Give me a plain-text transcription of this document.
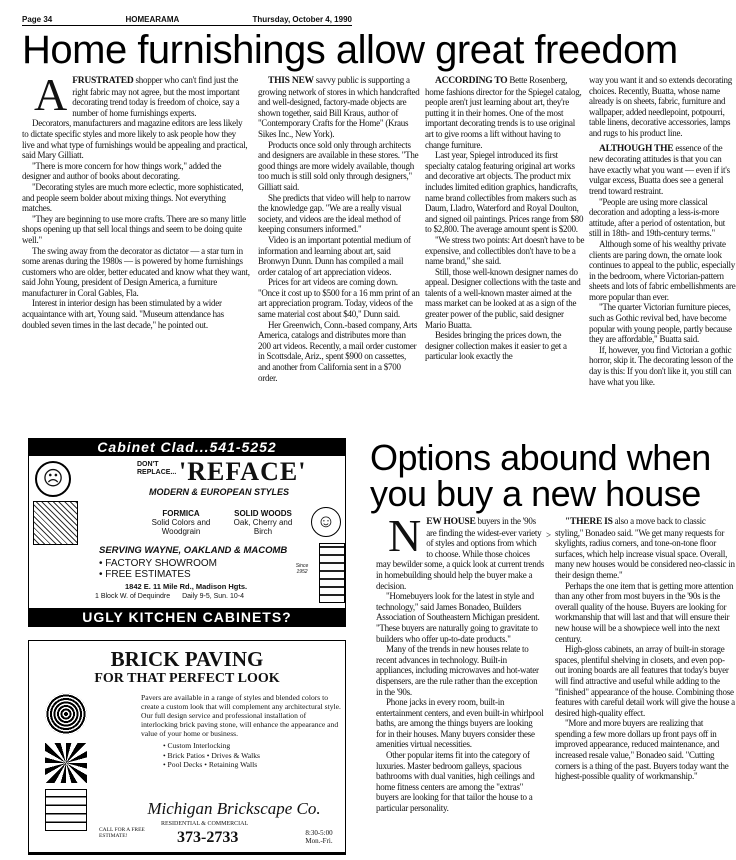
Page 34	HOMEARAMA	Thursday, October 4, 1990
Home furnishings allow great freedom

AFRUSTRATED shopper who can't find just the right fabric may not agree, but the most important decorating trend today is freedom of choice, say a number of home furnishings experts.

Decorators, manufacturers and magazine editors are less likely to dictate specific styles and more likely to ask people how they live and what type of furnishings would be appealing and practical, said Mary Gilliatt.

"There is more concern for how things work," added the designer and author of books about decorating.

"Decorating styles are much more eclectic, more sophisticated, and people seem bolder about mixing things. Not everything matches.

"They are beginning to use more crafts. There are so many little shops opening up that sell local things and seem to be doing quite well."

The swing away from the decorator as dictator — a star turn in some arenas during the 1980s — is powered by home furnishings customers who are older, better educated and know what they want, said John Young, president of Design America, a furniture manufacturer in Coral Gables, Fla.

Interest in interior design has been stimulated by a wider acquaintance with art, Young said. "Museum attendance has doubled seven times in the last decade," he pointed out.

THIS NEW savvy public is supporting a growing network of stores in which handcrafted and well-designed, factory-made objects are shown together, said Bill Kraus, author of "Contemporary Crafts for the Home" (Kraus Sikes Inc., New York).

Products once sold only through architects and designers are available in these stores. "The good things are more widely available, though too much is still sold only through designers," Gilliatt said.

She predicts that video will help to narrow the knowledge gap. "We are a really visual society, and videos are the ideal method of keeping consumers informed."

Video is an important potential medium of information and learning about art, said Bronwyn Dunn. Dunn has compiled a mail order catalog of art appreciation videos.

Prices for art videos are coming down. "Once it cost up to $500 for a 16 mm print of an art appreciation program. Today, videos of the same material cost about $40," Dunn said.

Her Greenwich, Conn.-based company, Arts America, catalogs and distributes more than 200 art videos. Recently, a mail order customer in Scottsdale, Ariz., spent $900 on cassettes, and another from California sent in a $700 order.

ACCORDING TO Bette Rosenberg, home fashions director for the Spiegel catalog, people aren't just learning about art, they're putting it in their homes. One of the most important decorating trends is to use original art to give rooms a lift without having to change furniture.

Last year, Spiegel introduced its first specialty catalog featuring original art works and decorative art objects. The product mix includes limited edition graphics, handicrafts, name brand collectibles from makers such as Daum, Lladro, Waterford and Royal Doulton, and signed oil paintings. Prices range from $80 to $2,800. The average amount spent is $200.

"We stress two points: Art doesn't have to be expensive, and collectibles don't have to be a name brand," she said.

Still, those well-known designer names do appeal. Designer collections with the taste and talents of a well-known master aimed at the mass market can be looked at as a sign of the greater power of the public, said designer Mario Buatta.

Besides bringing the prices down, the designer collection makes it easier to get a particular look exactly the

way you want it and so extends decorating choices. Recently, Buatta, whose name already is on sheets, fabric, furniture and wallpaper, added needlepoint, potpourri, table linens, decorative accessories, lamps and rugs to his product line.

ALTHOUGH THE essence of the new decorating attitudes is that you can have exactly what you want — even if it's vulgar excess, Buatta does see a general trend toward restraint.

"People are using more classical decoration and adopting a less-is-more attitude, after a period of ostentation, but still in 18th- and 19th-century terms."

Although some of his wealthy private clients are paring down, the ornate look continues to appeal to the public, especially in the bedroom, where Victorian-pattern sheets and lots of fabric embellishments are more popular than ever.

"The quarter Victorian furniture pieces, such as Gothic revival bed, have become popular with young people, partly because they are affordable," Buatta said.

If, however, you find Victorian a gothic horror, skip it. The decorating lesson of the day is this: If you don't like it, you still can have what you like.

Cabinet Clad...541-5252
☹
DON'T REPLACE... 'REFACE'
MODERN & EUROPEAN STYLES
FORMICA
Solid Colors and Woodgrain
SOLID WOODS
Oak, Cherry and Birch
☺
SERVING WAYNE, OAKLAND & MACOMB
• FACTORY SHOWROOM
• FREE ESTIMATES
1842 E. 11 Mile Rd., Madison Hgts.
1 Block W. of Dequindre Daily 9-5, Sun. 10-4
Since 1952
UGLY KITCHEN CABINETS?
BRICK PAVING
FOR THAT PERFECT LOOK
Pavers are available in a range of styles and blended colors to create a custom look that will complement any architectural style.
Our full design service and professional installation of interlocking brick paving stone, will enhance the appearance and value of your home or business.
• Custom Interlocking
• Brick Patios • Drives & Walks
• Pool Decks • Retaining Walls
Michigan Brickscape Co.
CALL FOR A FREE ESTIMATE!
RESIDENTIAL & COMMERCIAL
373-2733	8:30-5:00 Mon.-Fri.
Options abound when you buy a new house
>

NEW HOUSE buyers in the '90s are finding the widest-ever variety of styles and options from which to choose. While those choices may bewilder some, a quick look at current trends in homebuilding should help the buyer make a decision.

"Homebuyers look for the latest in style and technology," said James Bonadeo, Builders Association of Southeastern Michigan president. "These buyers are naturally going to gravitate to builders who offer up-to-date products."

Many of the trends in new houses relate to recent advances in technology. Built-in appliances, including microwaves and hot-water dispensers, are the rule rather than the exception in the '90s.

Phone jacks in every room, built-in entertainment centers, and even built-in whirlpool baths, are among the things buyers are looking for in their houses. Many buyers consider these amenities virtual necessities.

Other popular items fit into the category of luxuries. Master bedroom galleys, spacious bathrooms with dual vanities, high ceilings and home fitness centers are among the "extras" buyers are looking for that tailor the house to a particular personality.

"THERE IS also a move back to classic styling," Bonadeo said. "We get many requests for skylights, radius corners, and tone-on-tone floor surfaces, which help increase visual space. Overall, many new houses would be considered neo-classic in their design theme."

Perhaps the one item that is getting more attention than any other from most buyers in the '90s is the overall quality of the house. Buyers are looking for workmanship that will last and that will ensure their new house will be a showpiece well into the next century.

High-gloss cabinets, an array of built-in storage spaces, plentiful shelving in closets, and even pop-out ironing boards are all features that today's buyer will find attractive and useful while adding to the "finished" appearance of the house. Combining those features with careful detail work will give the house a desired high-quality effect.

"More and more buyers are realizing that spending a few more dollars up front pays off in improved appearance, reduced maintenance, and increased resale value," Bonadeo said. "Cutting corners is a thing of the past. Buyers today want the highest-possible quality of workmanship."
